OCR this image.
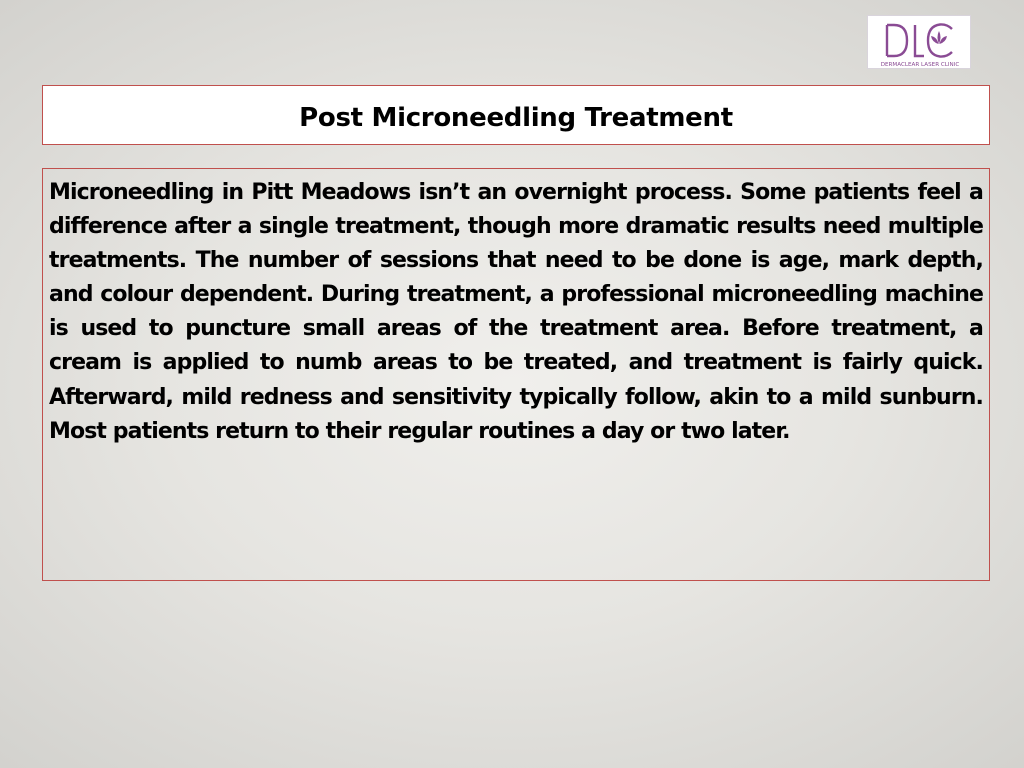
DERMACLEAR LASER CLINIC
Post Microneedling Treatment

Microneedling in Pitt Meadows isn’t an overnight process. Some patients feel a difference after a single treatment, though more dramatic results need multiple treatments. The number of sessions that need to be done is age, mark depth, and colour dependent. During treatment, a professional microneedling machine is used to puncture small areas of the treatment area. Before treatment, a cream is applied to numb areas to be treated, and treatment is fairly quick. Afterward, mild redness and sensitivity typically follow, akin to a mild sunburn. Most patients return to their regular routines a day or two later.
